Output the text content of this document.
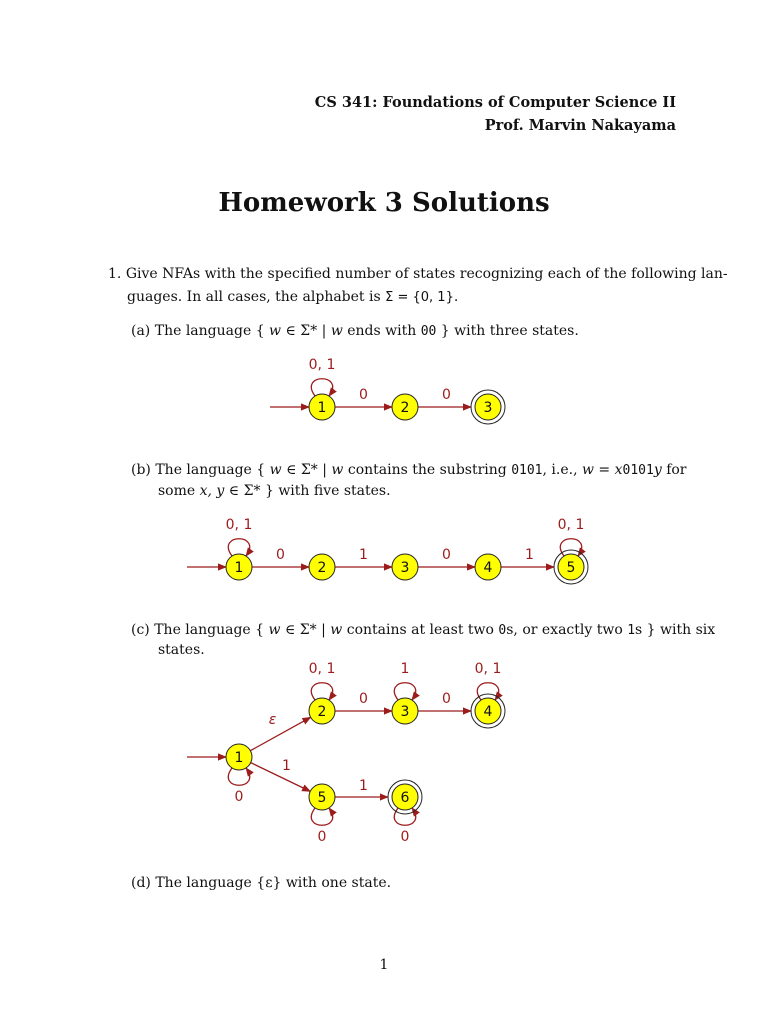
CS 341: Foundations of Computer Science II
Prof. Marvin Nakayama
Homework 3 Solutions
1. Give NFAs with the specified number of states recognizing each of the following lan-
guages. In all cases, the alphabet is Σ = {0, 1}.
(a) The language { w ∈ Σ* | w ends with 00 } with three states.
0, 1
0	0
1	2	3
(b) The language { w ∈ Σ* | w contains the substring 0101, i.e., w = x0101y for
some x, y ∈ Σ* } with five states.
0, 1
0	1	0	1
0, 1
1	2	3	4	5
(c) The language { w ∈ Σ* | w contains at least two 0s, or exactly two 1s } with six
states.
0
ε
1
0, 1
0
1
0
0, 1
0
1
0
1
2	3	4
5	6
(d) The language {ε} with one state.
1
